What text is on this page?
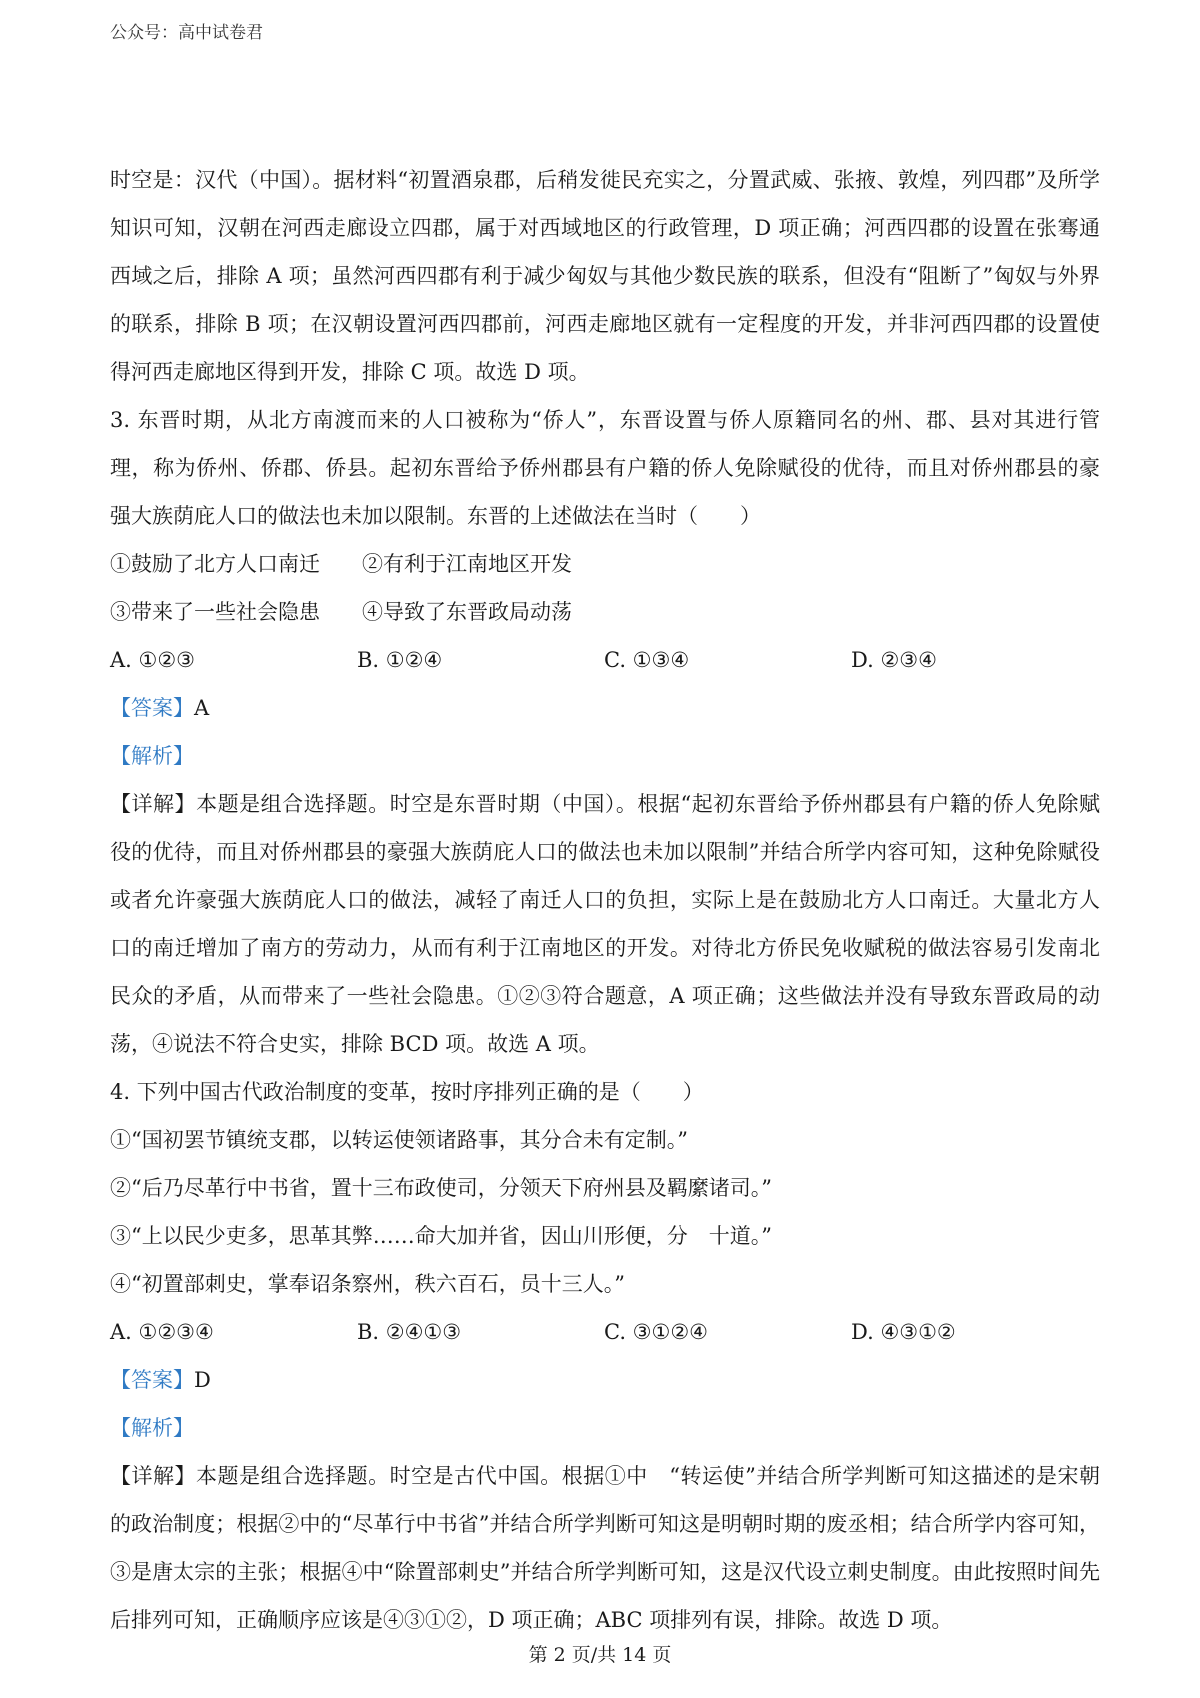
公众号：高中试卷君
时空是：汉代（中国）。据材料“初置酒泉郡，后稍发徙民充实之，分置武威、张掖、敦煌，列四郡”及所学
知识可知，汉朝在河西走廊设立四郡，属于对西域地区的行政管理，D 项正确；河西四郡的设置在张骞通
西域之后，排除 A 项；虽然河西四郡有利于减少匈奴与其他少数民族的联系，但没有“阻断了”匈奴与外界
的联系，排除 B 项；在汉朝设置河西四郡前，河西走廊地区就有一定程度的开发，并非河西四郡的设置使
得河西走廊地区得到开发，排除 C 项。故选 D 项。
3. 东晋时期，从北方南渡而来的人口被称为“侨人”，东晋设置与侨人原籍同名的州、郡、县对其进行管
理，称为侨州、侨郡、侨县。起初东晋给予侨州郡县有户籍的侨人免除赋役的优待，而且对侨州郡县的豪
强大族荫庇人口的做法也未加以限制。东晋的上述做法在当时（　　）
①鼓励了北方人口南迁　　②有利于江南地区开发
③带来了一些社会隐患　　④导致了东晋政局动荡
A. ①②③	B. ①②④	C. ①③④	D. ②③④
【答案】A
【解析】
【详解】本题是组合选择题。时空是东晋时期（中国）。根据“起初东晋给予侨州郡县有户籍的侨人免除赋
役的优待，而且对侨州郡县的豪强大族荫庇人口的做法也未加以限制”并结合所学内容可知，这种免除赋役
或者允许豪强大族荫庇人口的做法，减轻了南迁人口的负担，实际上是在鼓励北方人口南迁。大量北方人
口的南迁增加了南方的劳动力，从而有利于江南地区的开发。对待北方侨民免收赋税的做法容易引发南北
民众的矛盾，从而带来了一些社会隐患。①②③符合题意，A 项正确；这些做法并没有导致东晋政局的动
荡，④说法不符合史实，排除 BCD 项。故选 A 项。
4. 下列中国古代政治制度的变革，按时序排列正确的是（　　）
①“国初罢节镇统支郡，以转运使领诸路事，其分合未有定制。”
②“后乃尽革行中书省，置十三布政使司，分领天下府州县及羁縻诸司。”
③“上以民少吏多，思革其弊……命大加并省，因山川形便，分　十道。”
④“初置部刺史，掌奉诏条察州，秩六百石，员十三人。”
A. ①②③④	B. ②④①③	C. ③①②④	D. ④③①②
【答案】D
【解析】
【详解】本题是组合选择题。时空是古代中国。根据①中　“转运使”并结合所学判断可知这描述的是宋朝
的政治制度；根据②中的“尽革行中书省”并结合所学判断可知这是明朝时期的废丞相；结合所学内容可知，
③是唐太宗的主张；根据④中“除置部刺史”并结合所学判断可知，这是汉代设立刺史制度。由此按照时间先
后排列可知，正确顺序应该是④③①②，D 项正确；ABC 项排列有误，排除。故选 D 项。
第 2 页/共 14 页
